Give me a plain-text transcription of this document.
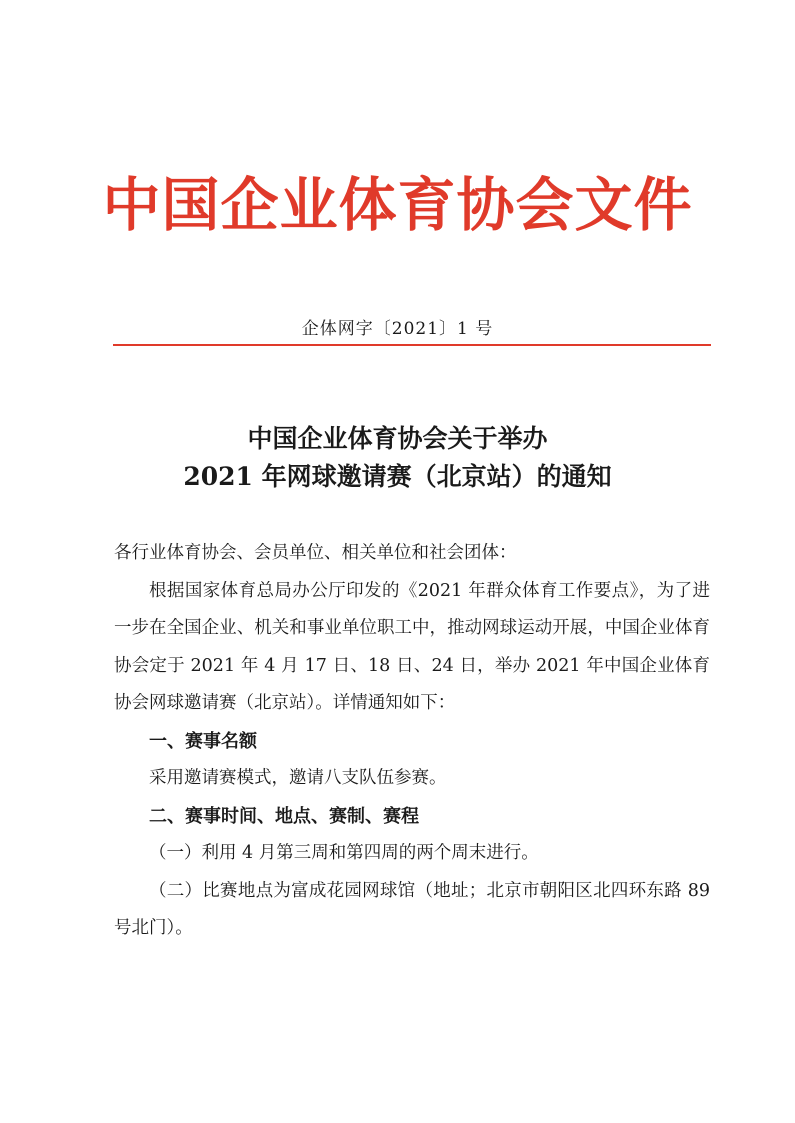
中国企业体育协会文件
企体网字〔2021〕1 号
中国企业体育协会关于举办
2021 年网球邀请赛（北京站）的通知

各行业体育协会、会员单位、相关单位和社会团体：

根据国家体育总局办公厅印发的《2021 年群众体育工作要点》，为了进一步在全国企业、机关和事业单位职工中，推动网球运动开展，中国企业体育协会定于 2021 年 4 月 17 日、18 日、24 日，举办 2021 年中国企业体育协会网球邀请赛（北京站）。详情通知如下：

一、赛事名额

采用邀请赛模式，邀请八支队伍参赛。

二、赛事时间、地点、赛制、赛程

（一）利用 4 月第三周和第四周的两个周末进行。

（二）比赛地点为富成花园网球馆（地址；北京市朝阳区北四环东路 89 号北门）。
